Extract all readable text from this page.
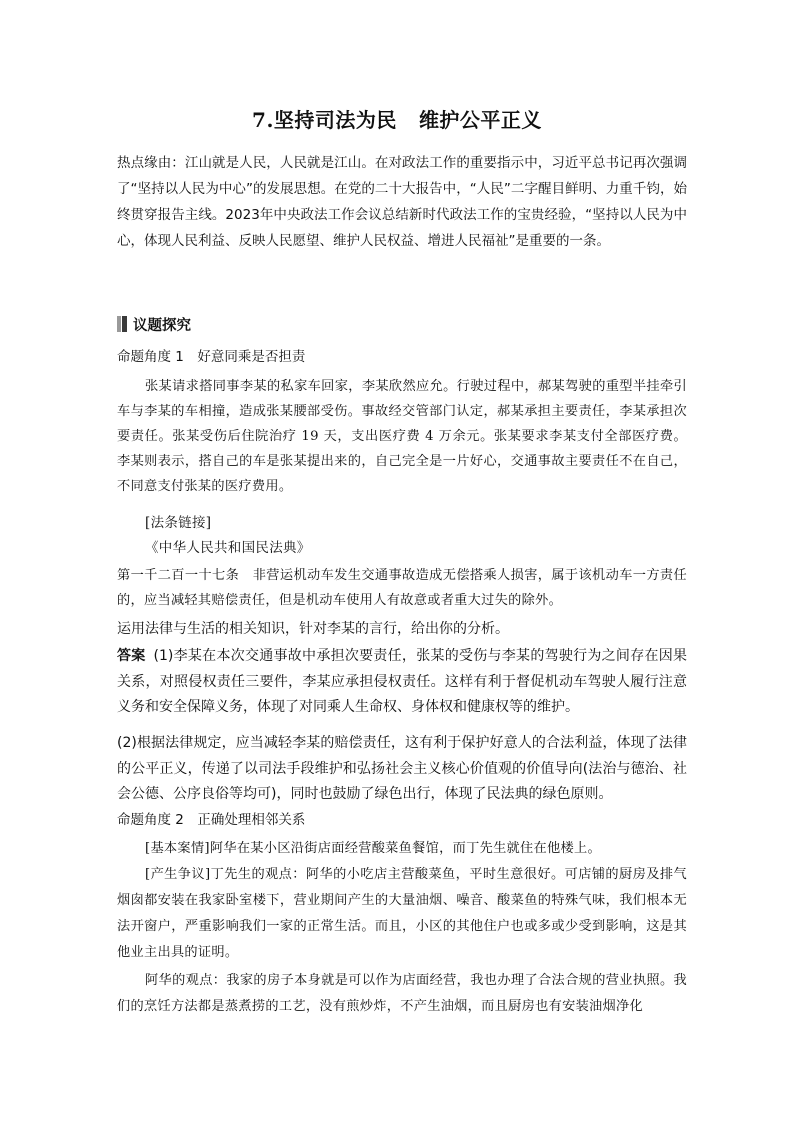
7.坚持司法为民 维护公平正义

热点缘由：江山就是人民，人民就是江山。在对政法工作的重要指示中，习近平总书记再次强调了“坚持以人民为中心”的发展思想。在党的二十大报告中，“人民”二字醒目鲜明、力重千钧，始终贯穿报告主线。2023年中央政法工作会议总结新时代政法工作的宝贵经验，“坚持以人民为中心，体现人民利益、反映人民愿望、维护人民权益、增进人民福祉”是重要的一条。

议题探究
命题角度 1　好意同乘是否担责

张某请求搭同事李某的私家车回家，李某欣然应允。行驶过程中，郝某驾驶的重型半挂牵引车与李某的车相撞，造成张某腰部受伤。事故经交管部门认定，郝某承担主要责任，李某承担次要责任。张某受伤后住院治疗 19 天，支出医疗费 4 万余元。张某要求李某支付全部医疗费。李某则表示，搭自己的车是张某提出来的，自己完全是一片好心，交通事故主要责任不在自己，不同意支付张某的医疗费用。

[法条链接]
《中华人民共和国民法典》

第一千二百一十七条　非营运机动车发生交通事故造成无偿搭乘人损害，属于该机动车一方责任的，应当减轻其赔偿责任，但是机动车使用人有故意或者重大过失的除外。

运用法律与生活的相关知识，针对李某的言行，给出你的分析。

答案 (1)李某在本次交通事故中承担次要责任，张某的受伤与李某的驾驶行为之间存在因果关系，对照侵权责任三要件，李某应承担侵权责任。这样有利于督促机动车驾驶人履行注意义务和安全保障义务，体现了对同乘人生命权、身体权和健康权等的维护。

(2)根据法律规定，应当减轻李某的赔偿责任，这有利于保护好意人的合法利益，体现了法律的公平正义，传递了以司法手段维护和弘扬社会主义核心价值观的价值导向(法治与德治、社会公德、公序良俗等均可)，同时也鼓励了绿色出行，体现了民法典的绿色原则。

命题角度 2　正确处理相邻关系

[基本案情]阿华在某小区沿街店面经营酸菜鱼餐馆，而丁先生就住在他楼上。

[产生争议]丁先生的观点：阿华的小吃店主营酸菜鱼，平时生意很好。可店铺的厨房及排气烟囱都安装在我家卧室楼下，营业期间产生的大量油烟、噪音、酸菜鱼的特殊气味，我们根本无法开窗户，严重影响我们一家的正常生活。而且，小区的其他住户也或多或少受到影响，这是其他业主出具的证明。

阿华的观点：我家的房子本身就是可以作为店面经营，我也办理了合法合规的营业执照。我们的烹饪方法都是蒸煮捞的工艺，没有煎炒炸，不产生油烟，而且厨房也有安装油烟净化
